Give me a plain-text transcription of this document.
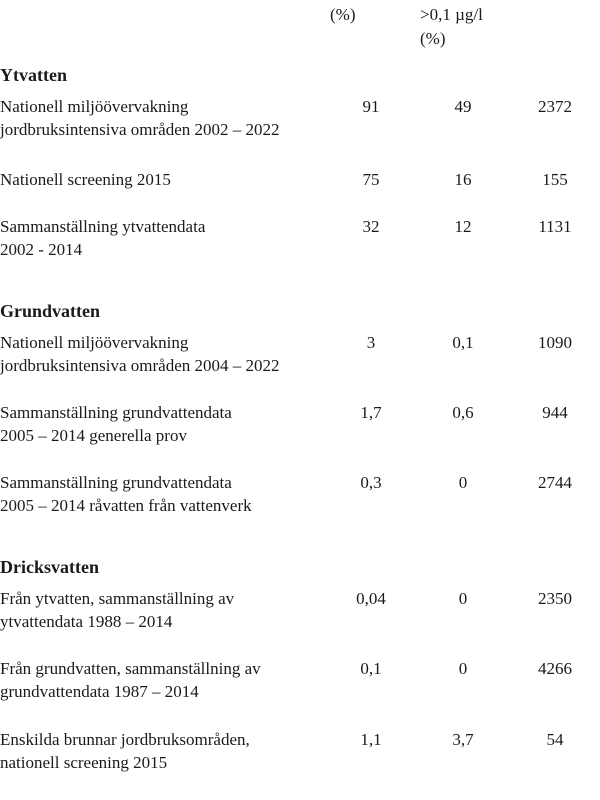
(%)	>0,1 µg/l
(%)
Ytvatten
Nationell miljöövervakning
jordbruksintensiva områden 2002 – 2022
91	49	2372
Nationell screening 2015	75	16	155
Sammanställning ytvattendata
2002 - 2014
32	12	1131
Grundvatten
Nationell miljöövervakning
jordbruksintensiva områden 2004 – 2022
3	0,1	1090
Sammanställning grundvattendata
2005 – 2014 generella prov
1,7	0,6	944
Sammanställning grundvattendata
2005 – 2014 råvatten från vattenverk
0,3	0	2744
Dricksvatten
Från ytvatten, sammanställning av
ytvattendata 1988 – 2014
0,04	0	2350
Från grundvatten, sammanställning av
grundvattendata 1987 – 2014
0,1	0	4266
Enskilda brunnar jordbruksområden,
nationell screening 2015
1,1	3,7	54
